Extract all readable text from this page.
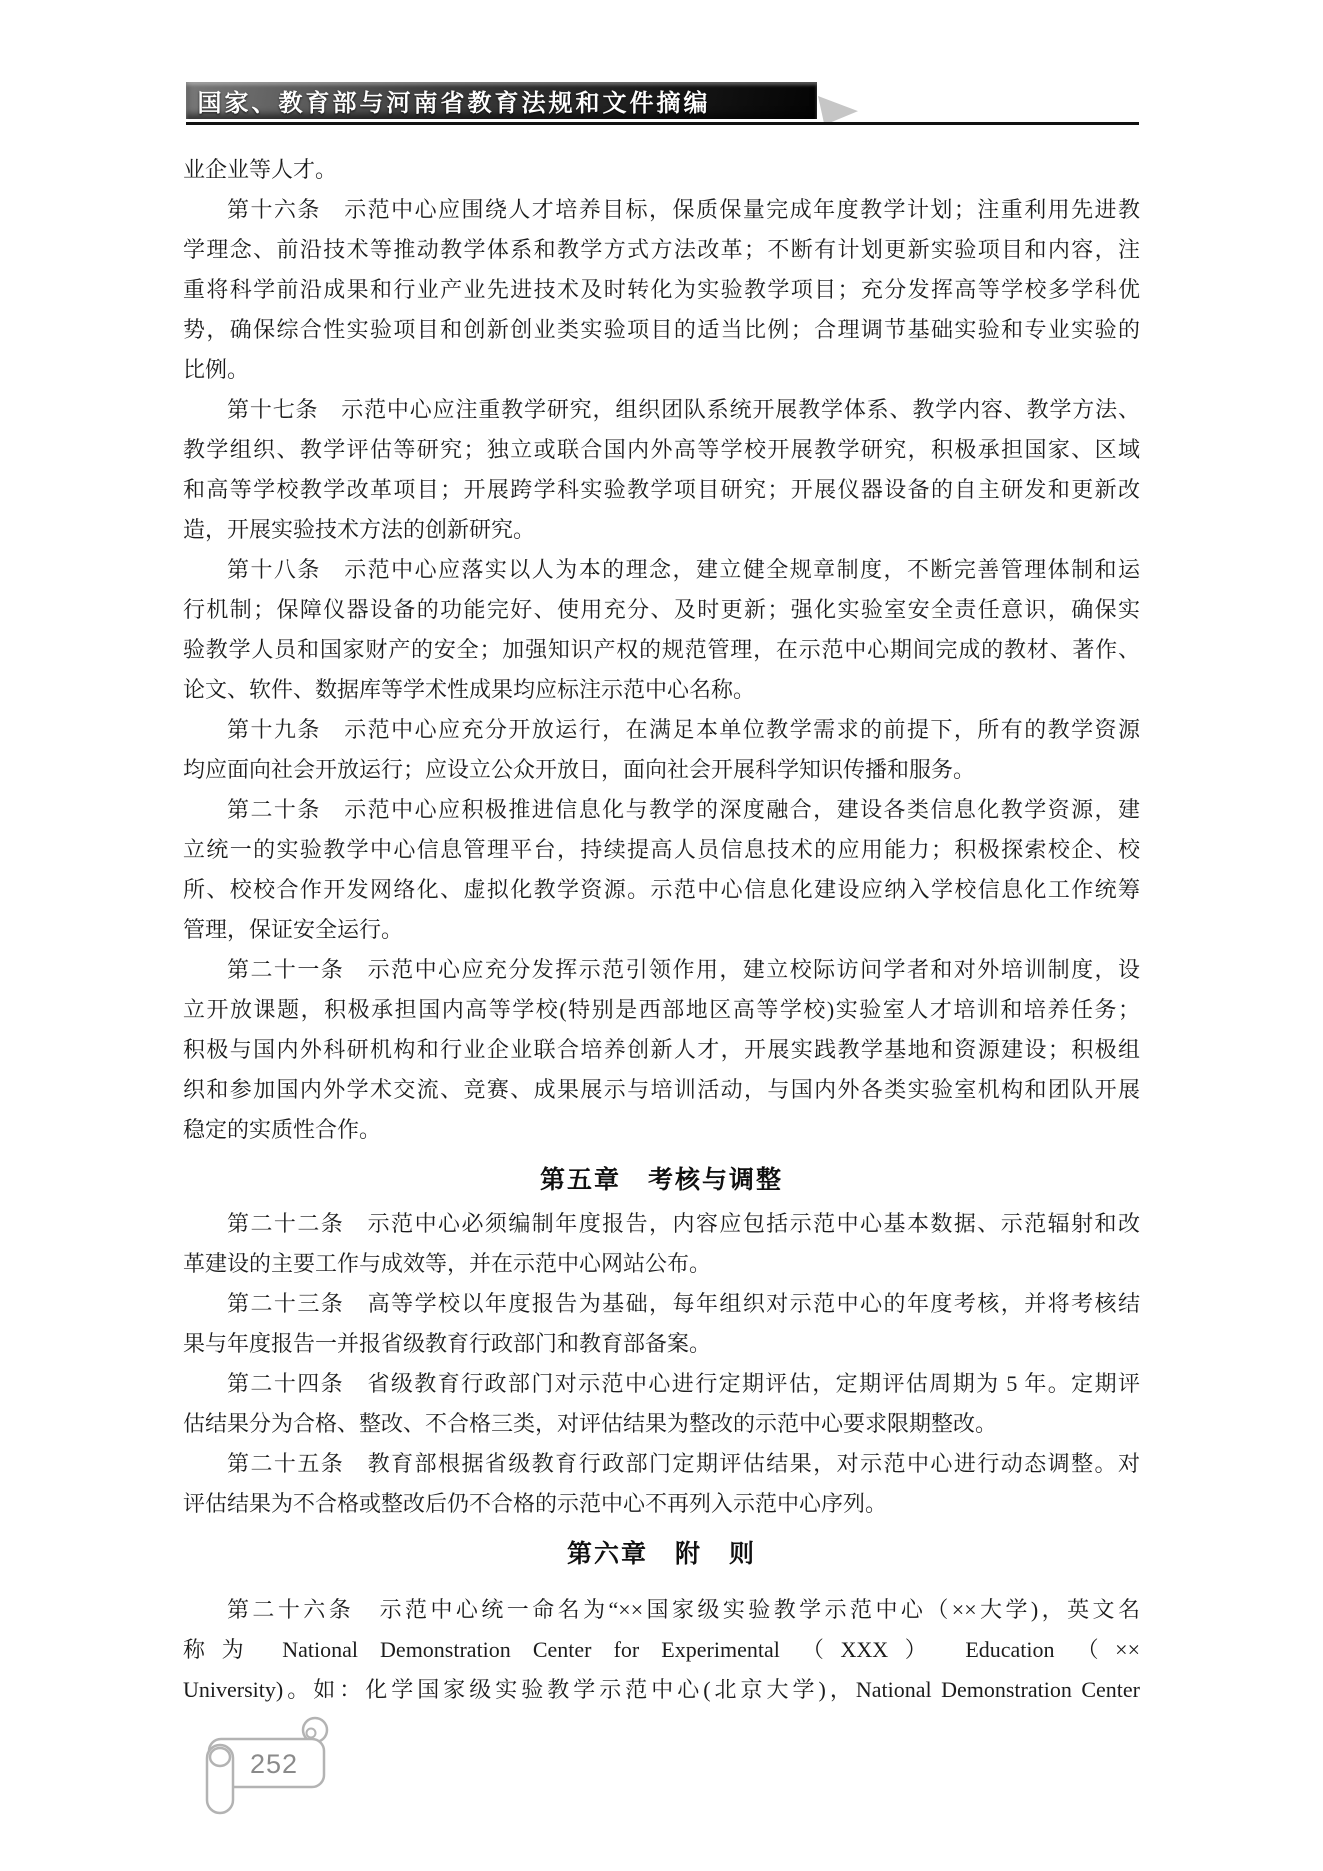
国家、教育部与河南省教育法规和文件摘编
业企业等人才。
第十六条　示范中心应围绕人才培养目标，保质保量完成年度教学计划；注重利用先进教
学理念、前沿技术等推动教学体系和教学方式方法改革；不断有计划更新实验项目和内容，注
重将科学前沿成果和行业产业先进技术及时转化为实验教学项目；充分发挥高等学校多学科优
势，确保综合性实验项目和创新创业类实验项目的适当比例；合理调节基础实验和专业实验的
比例。
第十七条　示范中心应注重教学研究，组织团队系统开展教学体系、教学内容、教学方法、
教学组织、教学评估等研究；独立或联合国内外高等学校开展教学研究，积极承担国家、区域
和高等学校教学改革项目；开展跨学科实验教学项目研究；开展仪器设备的自主研发和更新改
造，开展实验技术方法的创新研究。
第十八条　示范中心应落实以人为本的理念，建立健全规章制度，不断完善管理体制和运
行机制；保障仪器设备的功能完好、使用充分、及时更新；强化实验室安全责任意识，确保实
验教学人员和国家财产的安全；加强知识产权的规范管理，在示范中心期间完成的教材、著作、
论文、软件、数据库等学术性成果均应标注示范中心名称。
第十九条　示范中心应充分开放运行，在满足本单位教学需求的前提下，所有的教学资源
均应面向社会开放运行；应设立公众开放日，面向社会开展科学知识传播和服务。
第二十条　示范中心应积极推进信息化与教学的深度融合，建设各类信息化教学资源，建
立统一的实验教学中心信息管理平台，持续提高人员信息技术的应用能力；积极探索校企、校
所、校校合作开发网络化、虚拟化教学资源。示范中心信息化建设应纳入学校信息化工作统筹
管理，保证安全运行。
第二十一条　示范中心应充分发挥示范引领作用，建立校际访问学者和对外培训制度，设
立开放课题，积极承担国内高等学校(特别是西部地区高等学校)实验室人才培训和培养任务；
积极与国内外科研机构和行业企业联合培养创新人才，开展实践教学基地和资源建设；积极组
织和参加国内外学术交流、竞赛、成果展示与培训活动，与国内外各类实验室机构和团队开展
稳定的实质性合作。
第五章　考核与调整
第二十二条　示范中心必须编制年度报告，内容应包括示范中心基本数据、示范辐射和改
革建设的主要工作与成效等，并在示范中心网站公布。
第二十三条　高等学校以年度报告为基础，每年组织对示范中心的年度考核，并将考核结
果与年度报告一并报省级教育行政部门和教育部备案。
第二十四条　省级教育行政部门对示范中心进行定期评估，定期评估周期为 5 年。定期评
估结果分为合格、整改、不合格三类，对评估结果为整改的示范中心要求限期整改。
第二十五条　教育部根据省级教育行政部门定期评估结果，对示范中心进行动态调整。对
评估结果为不合格或整改后仍不合格的示范中心不再列入示范中心序列。
第六章　附　则
第二十六条　示范中心统一命名为“××国家级实验教学示范中心（××大学)，英文名
称为 National Demonstration Center for Experimental （XXX） Education （××
University)。如：化学国家级实验教学示范中心(北京大学)，National Demonstration Center
252
